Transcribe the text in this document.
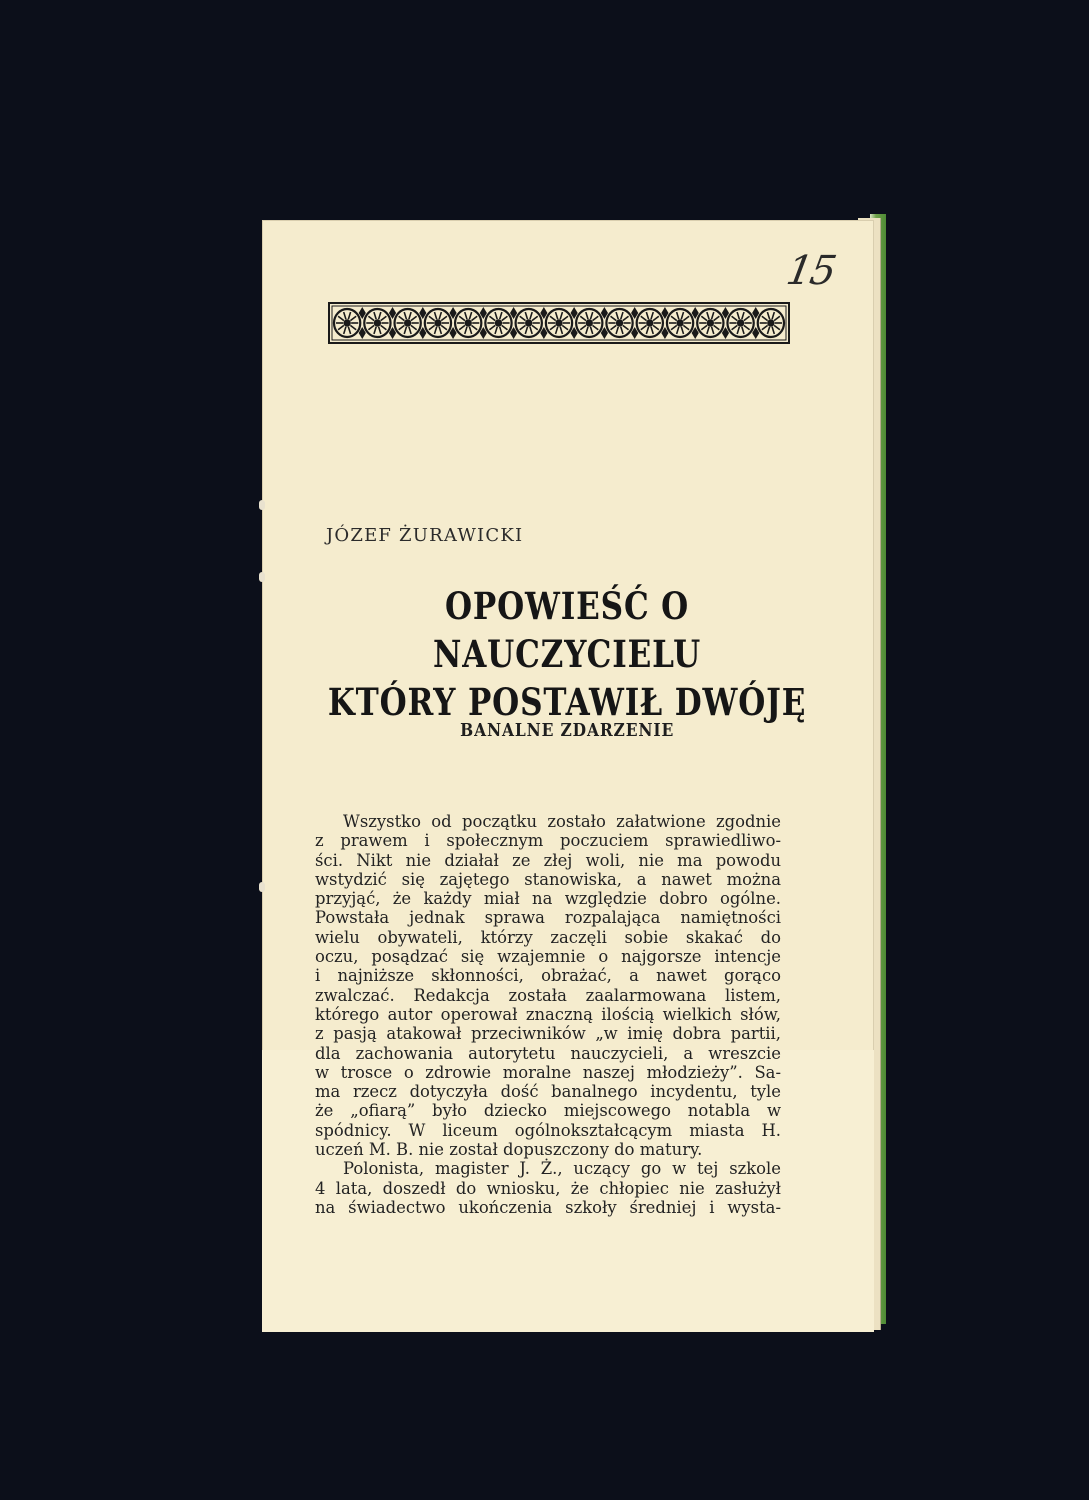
15
JÓZEF ŻURAWICKI
OPOWIEŚĆ O NAUCZYCIELU
KTÓRY POSTAWIŁ DWÓJĘ
BANALNE ZDARZENIE
Wszystko od początku zostało załatwione zgodnie
z prawem i społecznym poczuciem sprawiedliwo-
ści. Nikt nie działał ze złej woli, nie ma powodu
wstydzić się zajętego stanowiska, a nawet można
przyjąć, że każdy miał na względzie dobro ogólne.
Powstała jednak sprawa rozpalająca namiętności
wielu obywateli, którzy zaczęli sobie skakać do
oczu, posądzać się wzajemnie o najgorsze intencje
i najniższe skłonności, obrażać, a nawet gorąco
zwalczać. Redakcja została zaalarmowana listem,
którego autor operował znaczną ilością wielkich słów,
z pasją atakował przeciwników „w imię dobra partii,
dla zachowania autorytetu nauczycieli, a wreszcie
w trosce o zdrowie moralne naszej młodzieży”. Sa-
ma rzecz dotyczyła dość banalnego incydentu, tyle
że „ofiarą” było dziecko miejscowego notabla w
spódnicy. W liceum ogólnokształcącym miasta H.
uczeń M. B. nie został dopuszczony do matury.
Polonista, magister J. Ż., uczący go w tej szkole
4 lata, doszedł do wniosku, że chłopiec nie zasłużył
na świadectwo ukończenia szkoły średniej i wysta-
